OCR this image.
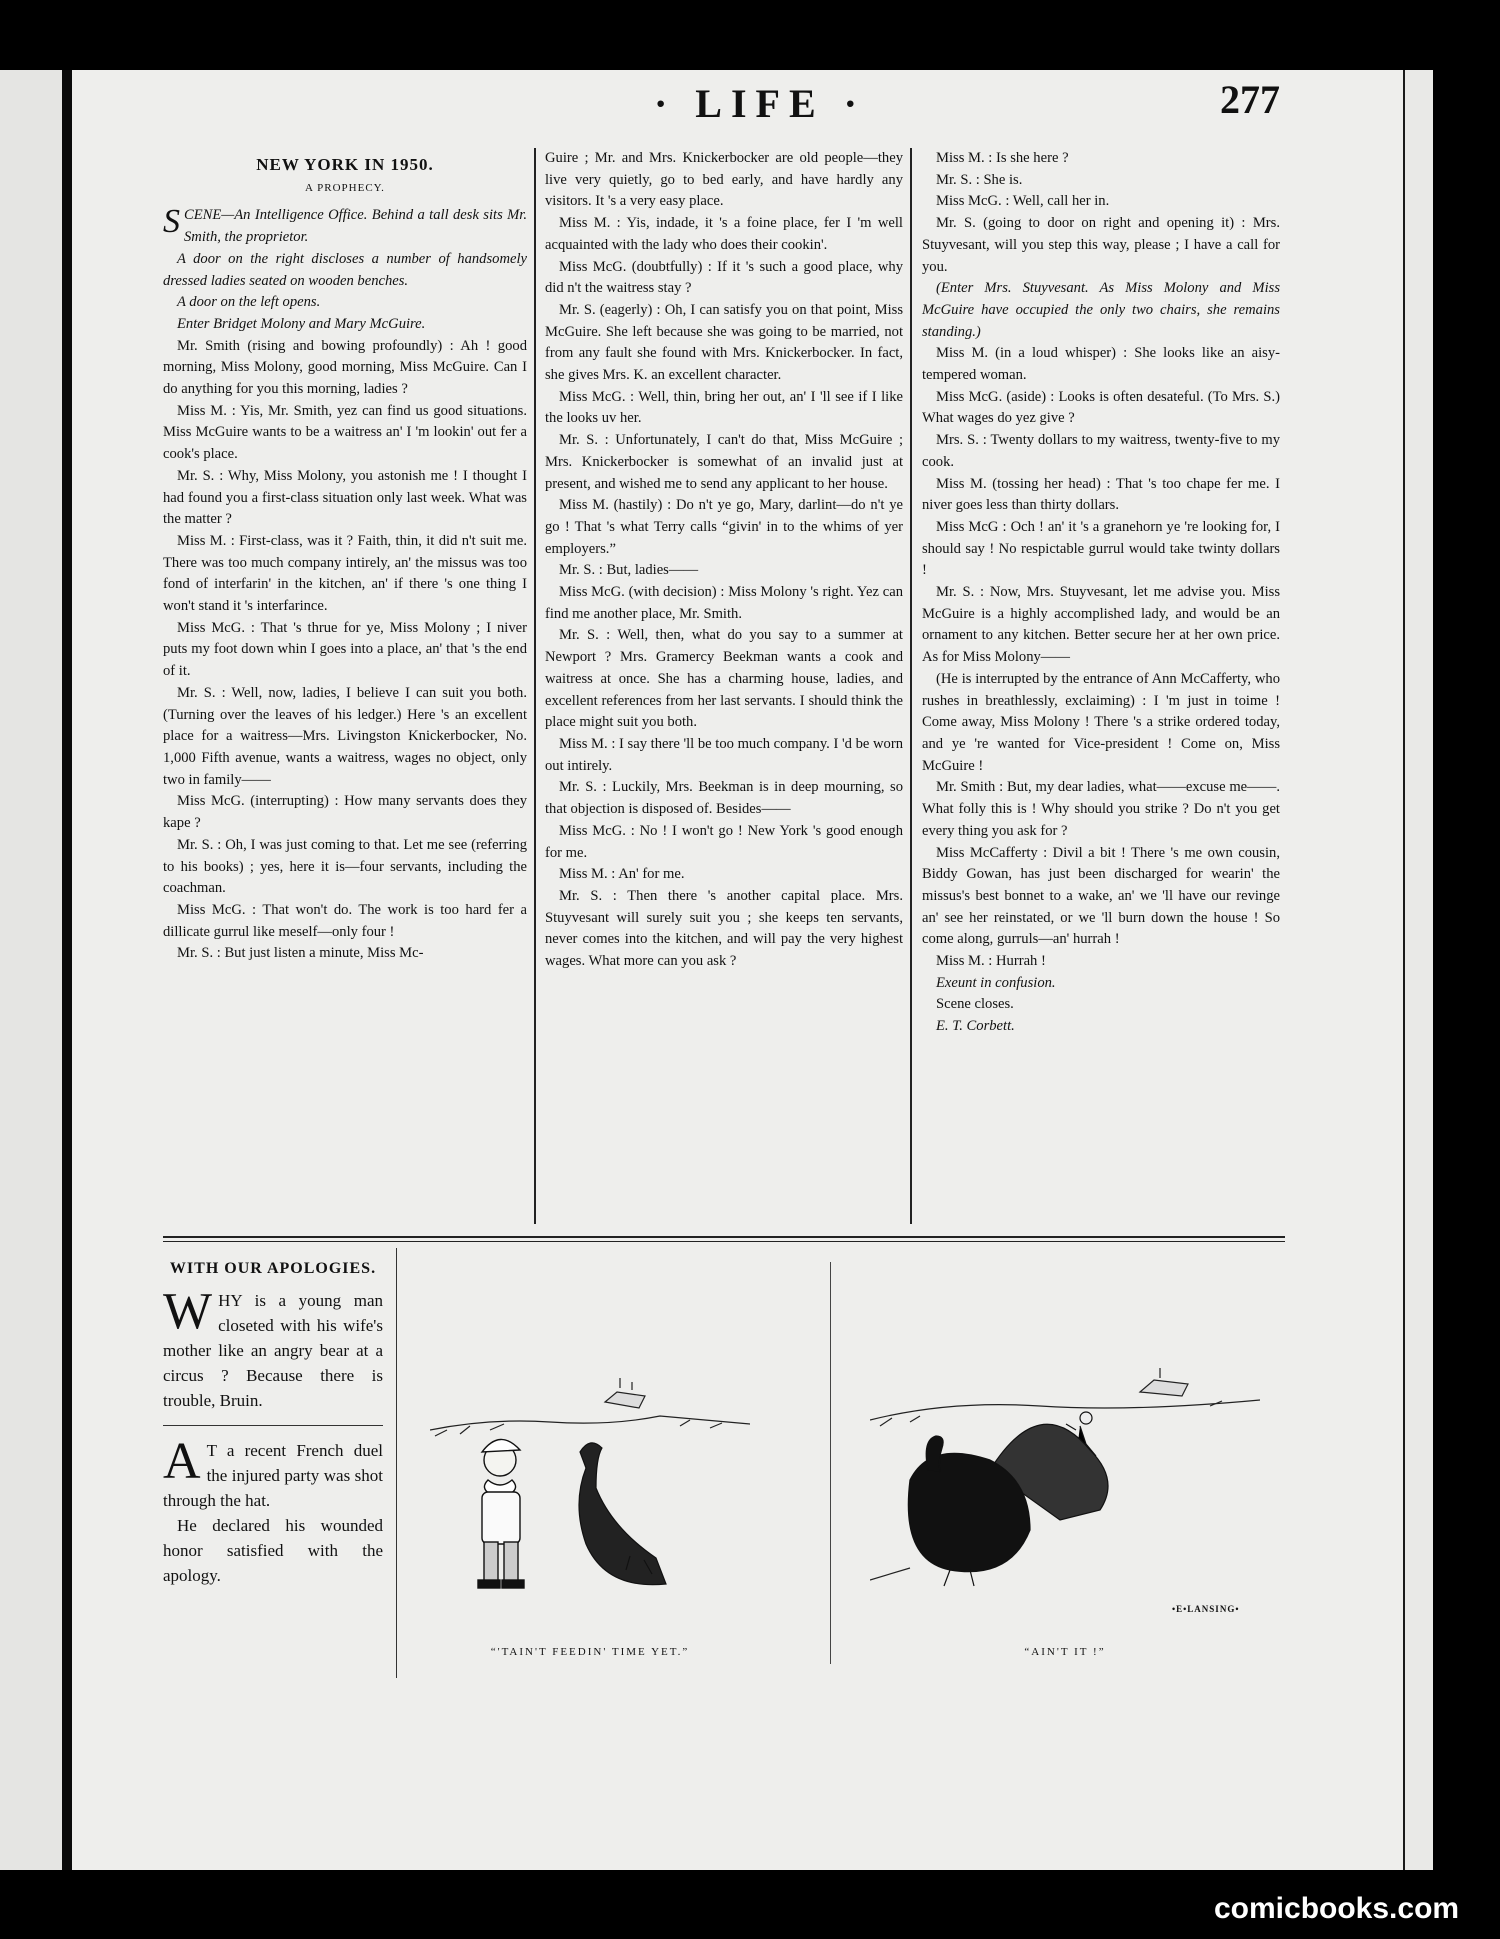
· LIFE ·	277
NEW YORK IN 1950.
A PROPHECY.

SCENE—An Intelligence Office. Behind a tall desk sits Mr. Smith, the proprietor.

A door on the right discloses a number of handsomely dressed ladies seated on wooden benches.

A door on the left opens.

Enter Bridget Molony and Mary McGuire.

Mr. Smith (rising and bowing profoundly) : Ah ! good morning, Miss Molony, good morning, Miss McGuire. Can I do anything for you this morning, ladies ?

Miss M. : Yis, Mr. Smith, yez can find us good situations. Miss McGuire wants to be a waitress an' I 'm lookin' out fer a cook's place.

Mr. S. : Why, Miss Molony, you astonish me ! I thought I had found you a first-class situation only last week. What was the matter ?

Miss M. : First-class, was it ? Faith, thin, it did n't suit me. There was too much company intirely, an' the missus was too fond of interfarin' in the kitchen, an' if there 's one thing I won't stand it 's interfarince.

Miss McG. : That 's thrue for ye, Miss Molony ; I niver puts my foot down whin I goes into a place, an' that 's the end of it.

Mr. S. : Well, now, ladies, I believe I can suit you both. (Turning over the leaves of his ledger.) Here 's an excellent place for a waitress—Mrs. Livingston Knickerbocker, No. 1,000 Fifth avenue, wants a waitress, wages no object, only two in family——

Miss McG. (interrupting) : How many servants does they kape ?

Mr. S. : Oh, I was just coming to that. Let me see (referring to his books) ; yes, here it is—four servants, including the coachman.

Miss McG. : That won't do. The work is too hard fer a dillicate gurrul like meself—only four !

Mr. S. : But just listen a minute, Miss Mc-

Guire ; Mr. and Mrs. Knickerbocker are old people—they live very quietly, go to bed early, and have hardly any visitors. It 's a very easy place.

Miss M. : Yis, indade, it 's a foine place, fer I 'm well acquainted with the lady who does their cookin'.

Miss McG. (doubtfully) : If it 's such a good place, why did n't the waitress stay ?

Mr. S. (eagerly) : Oh, I can satisfy you on that point, Miss McGuire. She left because she was going to be married, not from any fault she found with Mrs. Knickerbocker. In fact, she gives Mrs. K. an excellent character.

Miss McG. : Well, thin, bring her out, an' I 'll see if I like the looks uv her.

Mr. S. : Unfortunately, I can't do that, Miss McGuire ; Mrs. Knickerbocker is somewhat of an invalid just at present, and wished me to send any applicant to her house.

Miss M. (hastily) : Do n't ye go, Mary, darlint—do n't ye go ! That 's what Terry calls “givin' in to the whims of yer employers.”

Mr. S. : But, ladies——

Miss McG. (with decision) : Miss Molony 's right. Yez can find me another place, Mr. Smith.

Mr. S. : Well, then, what do you say to a summer at Newport ? Mrs. Gramercy Beekman wants a cook and waitress at once. She has a charming house, ladies, and excellent references from her last servants. I should think the place might suit you both.

Miss M. : I say there 'll be too much company. I 'd be worn out intirely.

Mr. S. : Luckily, Mrs. Beekman is in deep mourning, so that objection is disposed of. Besides——

Miss McG. : No ! I won't go ! New York 's good enough for me.

Miss M. : An' for me.

Mr. S. : Then there 's another capital place. Mrs. Stuyvesant will surely suit you ; she keeps ten servants, never comes into the kitchen, and will pay the very highest wages. What more can you ask ?

Miss M. : Is she here ?

Mr. S. : She is.

Miss McG. : Well, call her in.

Mr. S. (going to door on right and opening it) : Mrs. Stuyvesant, will you step this way, please ; I have a call for you.

(Enter Mrs. Stuyvesant. As Miss Molony and Miss McGuire have occupied the only two chairs, she remains standing.)

Miss M. (in a loud whisper) : She looks like an aisy-tempered woman.

Miss McG. (aside) : Looks is often desateful. (To Mrs. S.) What wages do yez give ?

Mrs. S. : Twenty dollars to my waitress, twenty-five to my cook.

Miss M. (tossing her head) : That 's too chape fer me. I niver goes less than thirty dollars.

Miss McG : Och ! an' it 's a granehorn ye 're looking for, I should say ! No respictable gurrul would take twinty dollars !

Mr. S. : Now, Mrs. Stuyvesant, let me advise you. Miss McGuire is a highly accomplished lady, and would be an ornament to any kitchen. Better secure her at her own price. As for Miss Molony——

(He is interrupted by the entrance of Ann McCafferty, who rushes in breathlessly, exclaiming) : I 'm just in toime ! Come away, Miss Molony ! There 's a strike ordered today, and ye 're wanted for Vice-president ! Come on, Miss McGuire !

Mr. Smith : But, my dear ladies, what——excuse me——. What folly this is ! Why should you strike ? Do n't you get every thing you ask for ?

Miss McCafferty : Divil a bit ! There 's me own cousin, Biddy Gowan, has just been discharged for wearin' the missus's best bonnet to a wake, an' we 'll have our revinge an' see her reinstated, or we 'll burn down the house ! So come along, gurruls—an' hurrah !

Miss M. : Hurrah !

Exeunt in confusion.

Scene closes.

E. T. Corbett.

WITH OUR APOLOGIES.

WHY is a young man closeted with his wife's mother like an angry bear at a circus ? Because there is trouble, Bruin.

A T a recent French duel the injured party was shot through the hat.

He declared his wounded honor satisfied with the apology.

“'TAIN'T FEEDIN' TIME YET.”	“AIN'T IT !”
•E•LANSING•
comicbooks.com
